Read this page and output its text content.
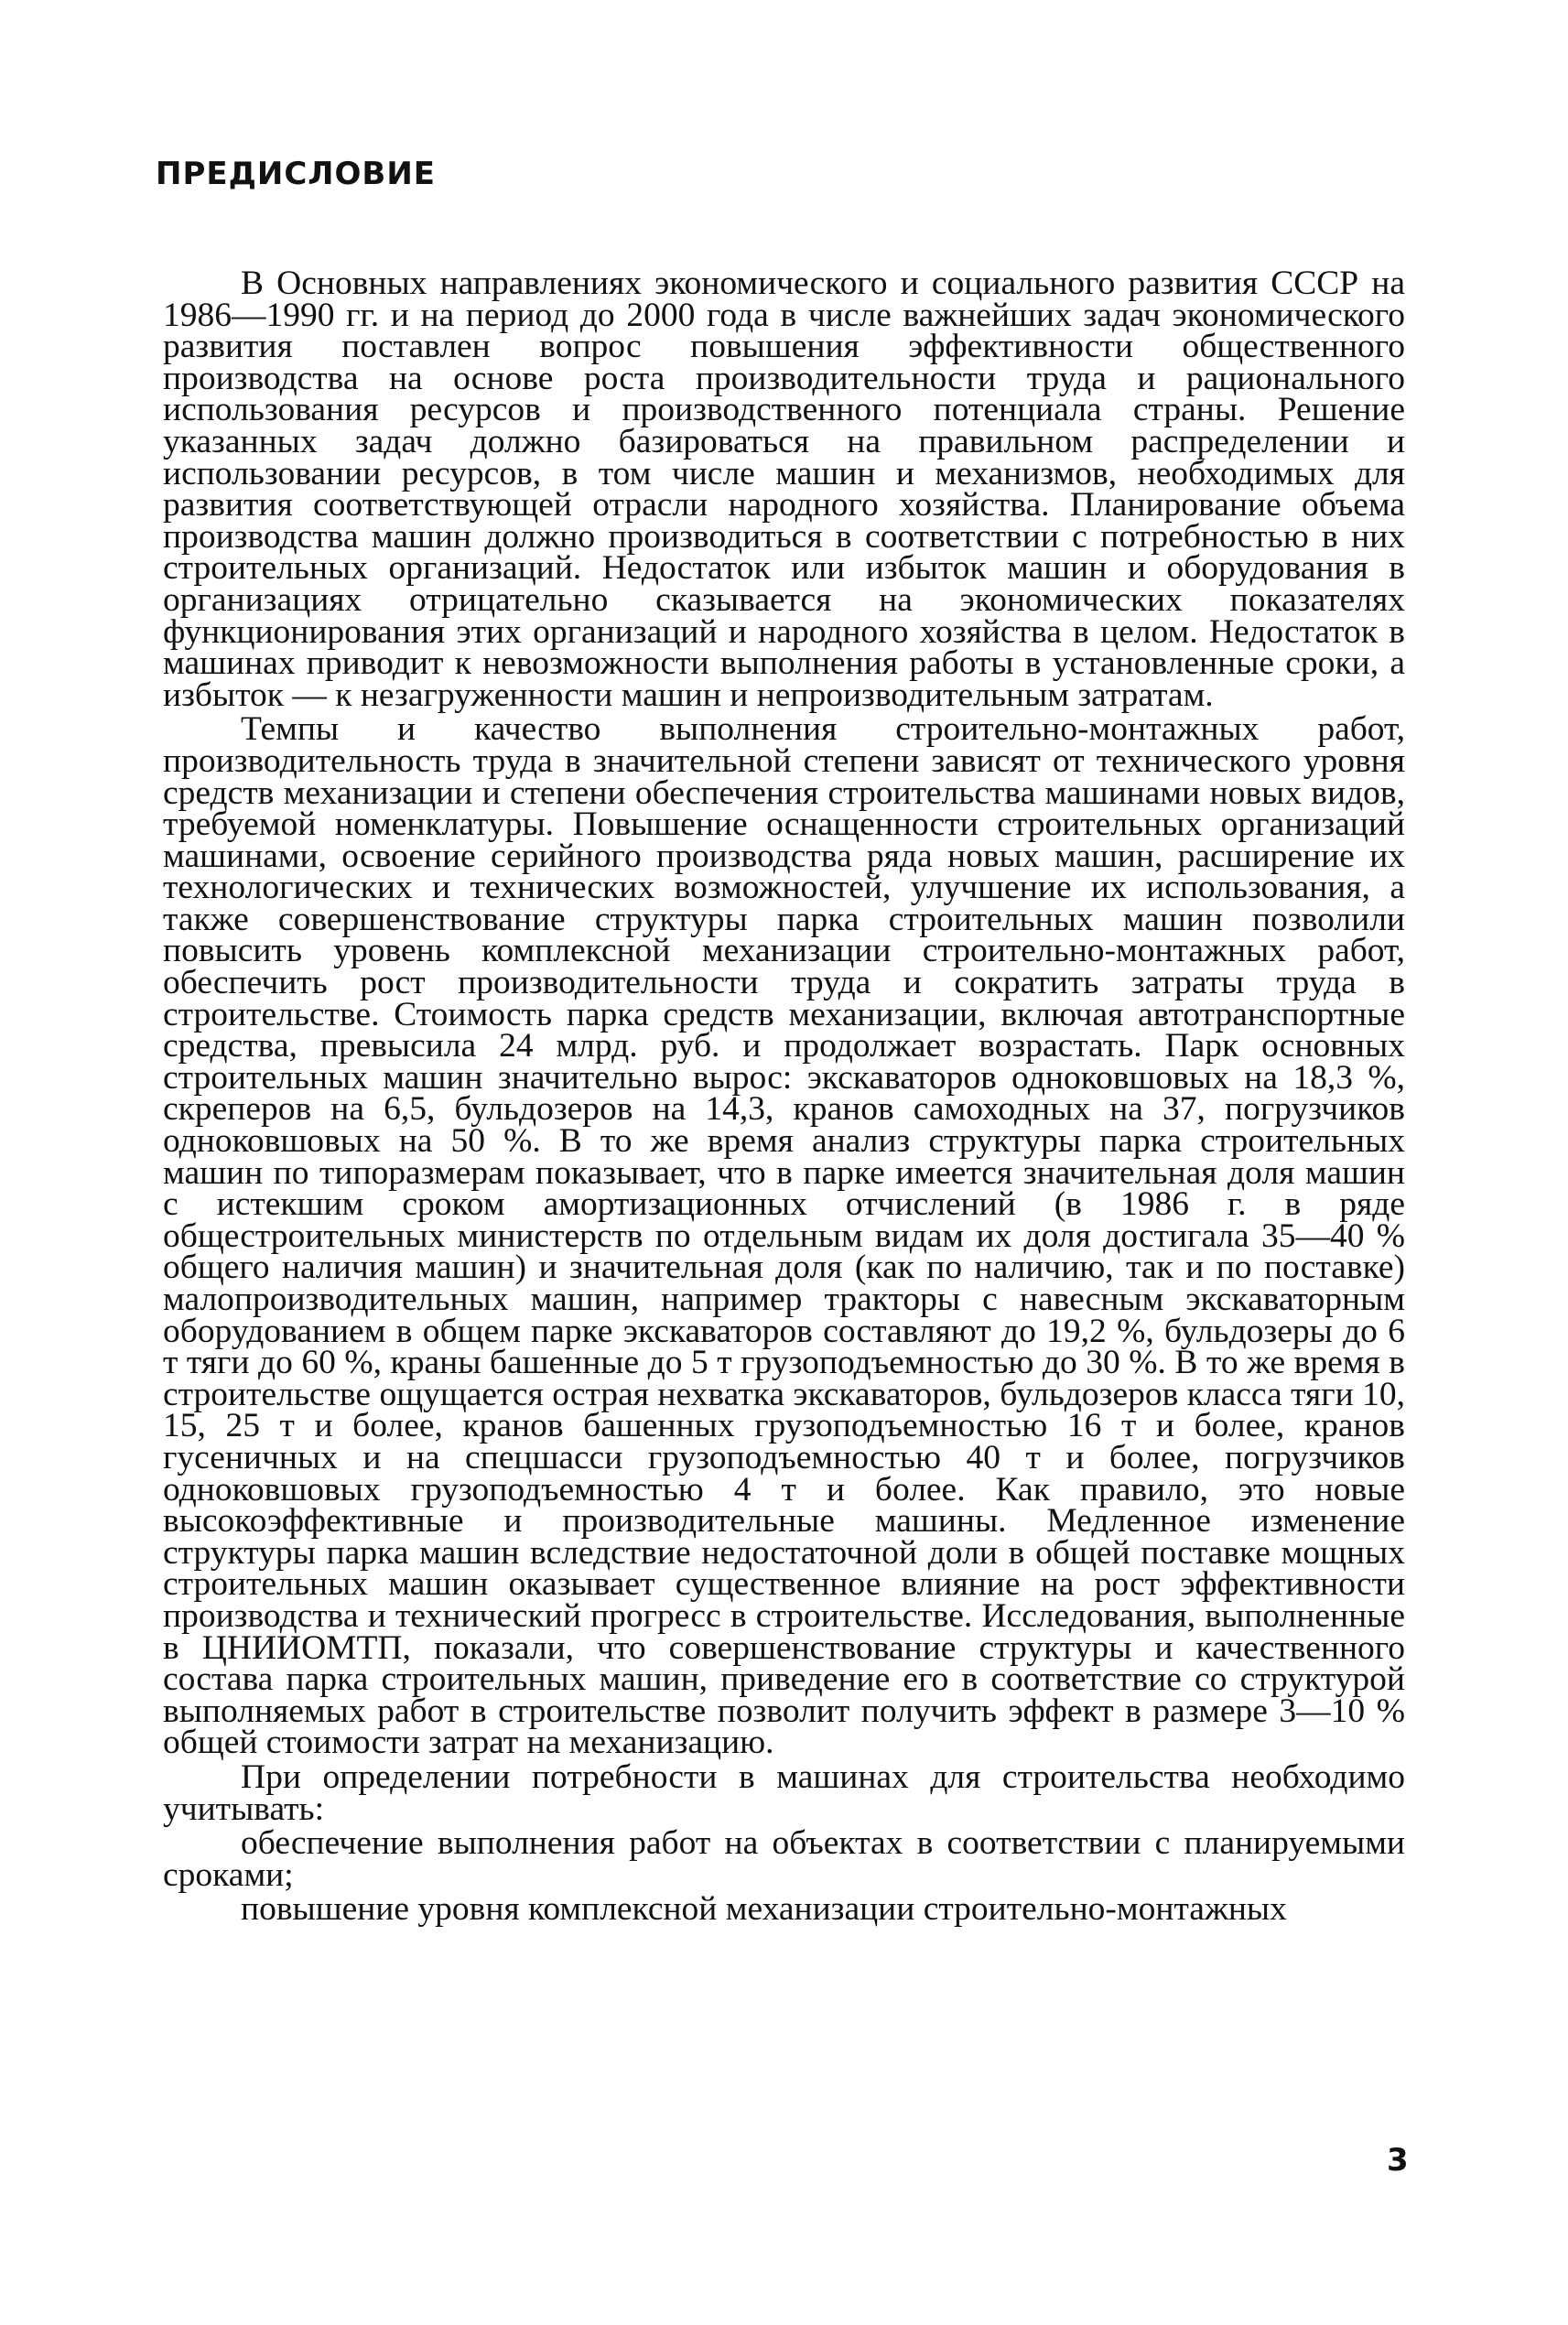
ПРЕДИСЛОВИЕ

В Основных направлениях экономического и социального развития СССР на 1986—1990 гг. и на период до 2000 года в числе важнейших задач экономического развития поставлен вопрос повышения эффективности общественного производства на основе роста производительности труда и рационального использования ресурсов и производственного потенциала страны. Решение указанных задач должно базироваться на правильном распределении и использовании ресурсов, в том числе машин и механизмов, необходимых для развития соответствующей отрасли народного хозяйства. Планирование объема производства машин должно производиться в соответствии с потребностью в них строительных организаций. Недостаток или избыток машин и оборудования в организациях отрицательно сказывается на экономических показателях функционирования этих организаций и народного хозяйства в целом. Недостаток в машинах приводит к невозможности выполнения работы в установленные сроки, а избыток — к незагруженности машин и непроизводительным затратам.

Темпы и качество выполнения строительно-монтажных работ, производительность труда в значительной степени зависят от технического уровня средств механизации и степени обеспечения строительства машинами новых видов, требуемой номенклатуры. Повышение оснащенности строительных организаций машинами, освоение серийного производства ряда новых машин, расширение их технологических и технических возможностей, улучшение их использования, а также совершенствование структуры парка строительных машин позволили повысить уровень комплексной механизации строительно-монтажных работ, обеспечить рост производительности труда и сократить затраты труда в строительстве. Стоимость парка средств механизации, включая автотранспортные средства, превысила 24 млрд. руб. и продолжает возрастать. Парк основных строительных машин значительно вырос: экскаваторов одноковшовых на 18,3 %, скреперов на 6,5, бульдозеров на 14,3, кранов самоходных на 37, погрузчиков одноковшовых на 50 %. В то же время анализ структуры парка строительных машин по типоразмерам показывает, что в парке имеется значительная доля машин с истекшим сроком амортизационных отчислений (в 1986 г. в ряде общестроительных министерств по отдельным видам их доля достигала 35—40 % общего наличия машин) и значительная доля (как по наличию, так и по поставке) малопроизводительных машин, например тракторы с навесным экскаваторным оборудованием в общем парке экскаваторов составляют до 19,2 %, бульдозеры до 6 т тяги до 60 %, краны башенные до 5 т грузоподъемностью до 30 %. В то же время в строительстве ощущается острая нехватка экскаваторов, бульдозеров класса тяги 10, 15, 25 т и более, кранов башенных грузоподъемностью 16 т и более, кранов гусеничных и на спецшасси грузоподъемностью 40 т и более, погрузчиков одноковшовых грузоподъемностью 4 т и более. Как правило, это новые высокоэффективные и производительные машины. Медленное изменение структуры парка машин вследствие недостаточной доли в общей поставке мощных строительных машин оказывает существенное влияние на рост эффективности производства и технический прогресс в строительстве. Исследования, выполненные в ЦНИИОМТП, показали, что совершенствование структуры и качественного состава парка строительных машин, приведение его в соответствие со структурой выполняемых работ в строительстве позволит получить эффект в размере 3—10 % общей стоимости затрат на механизацию.

При определении потребности в машинах для строительства необходимо учитывать:

обеспечение выполнения работ на объектах в соответствии с планируемыми сроками;

повышение уровня комплексной механизации строительно-монтажных

3
